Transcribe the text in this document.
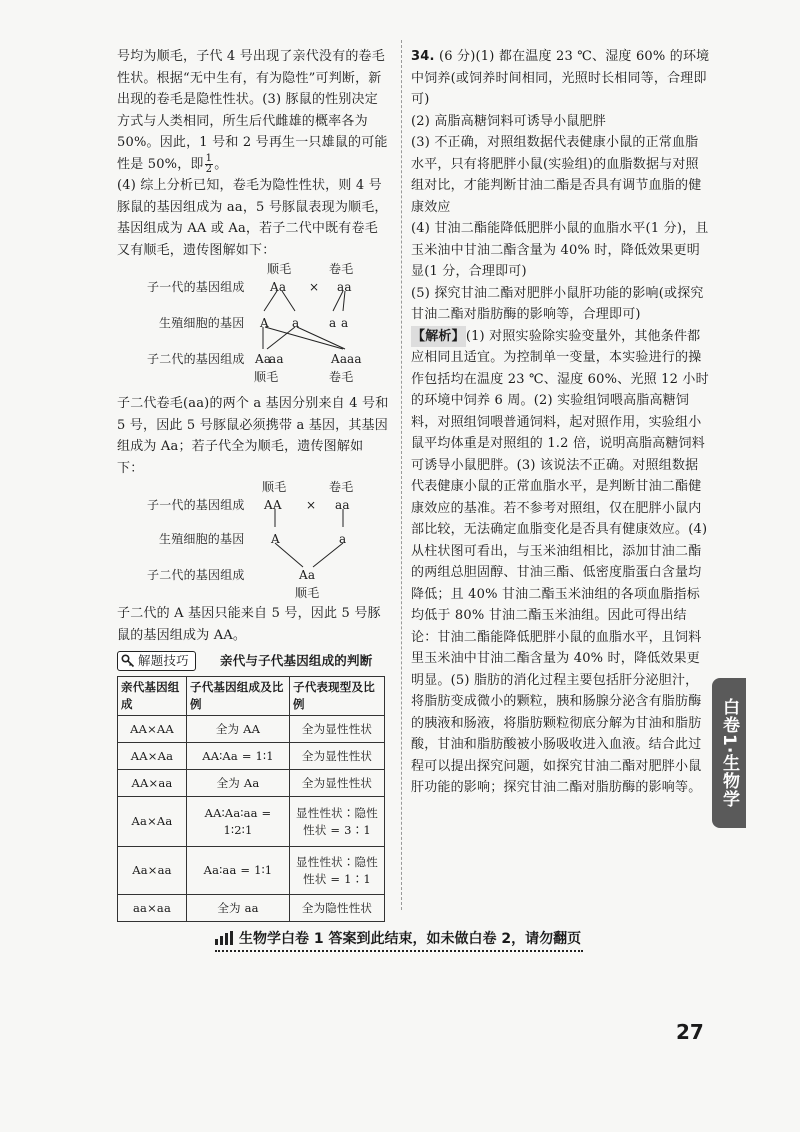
号均为顺毛，子代 4 号出现了亲代没有的卷毛性状。根据“无中生有，有为隐性”可判断，新出现的卷毛是隐性性状。(3) 豚鼠的性别决定方式与人类相同，所生后代雌雄的概率各为 50%。因此，1 号和 2 号再生一只雄鼠的可能性是 50%，即 $\frac{1}{2}$ 。

(4) 综上分析已知，卷毛为隐性性状，则 4 号豚鼠的基因组成为 aa，5 号豚鼠表现为顺毛，基因组成为 AA 或 Aa，若子二代中既有卷毛又有顺毛，遗传图解如下：

顺毛	卷毛
子一代的基因组成 Aa × aa
生殖细胞的基因 A a a a
子二代的基因组成 Aa
aa	Aa aa
顺毛	卷毛

子二代卷毛(aa)的两个 a 基因分别来自 4 号和 5 号，因此 5 号豚鼠必须携带 a 基因，其基因组成为 Aa；若子代全为顺毛，遗传图解如下：

顺毛	卷毛
子一代的基因组成 AA × aa
生殖细胞的基因 A	a
子二代的基因组成	Aa
顺毛

子二代的 A 基因只能来自 5 号，因此 5 号豚鼠的基因组成为 AA。

解题技巧	亲代与子代基因组成的判断
亲代基因组成	子代基因组成及比例	子代表现型及比例
AA×AA	全为 AA	全为显性性状
AA×Aa	AA∶Aa = 1∶1	全为显性性状
AA×aa	全为 Aa	全为显性性状
Aa×Aa	AA∶Aa∶aa = 1∶2∶1	显性性状∶隐性性状 = 3∶1
Aa×aa	Aa∶aa = 1∶1	显性性状∶隐性性状 = 1∶1
aa×aa	全为 aa	全为隐性性状

34. (6 分)(1) 都在温度 23 ℃、湿度 60% 的环境中饲养(或饲养时间相同，光照时长相同等，合理即可)

(2) 高脂高糖饲料可诱导小鼠肥胖

(3) 不正确，对照组数据代表健康小鼠的正常血脂水平，只有将肥胖小鼠(实验组)的血脂数据与对照组对比，才能判断甘油二酯是否具有调节血脂的健康效应

(4) 甘油二酯能降低肥胖小鼠的血脂水平(1 分)，且玉米油中甘油二酯含量为 40% 时，降低效果更明显(1 分，合理即可)

(5) 探究甘油二酯对肥胖小鼠肝功能的影响(或探究甘油二酯对脂肪酶的影响等，合理即可)

【解析】(1) 对照实验除实验变量外，其他条件都应相同且适宜。为控制单一变量，本实验进行的操作包括均在温度 23 ℃、湿度 60%、光照 12 小时的环境中饲养 6 周。(2) 实验组饲喂高脂高糖饲料，对照组饲喂普通饲料，起对照作用，实验组小鼠平均体重是对照组的 1.2 倍，说明高脂高糖饲料可诱导小鼠肥胖。(3) 该说法不正确。对照组数据代表健康小鼠的正常血脂水平，是判断甘油二酯健康效应的基准。若不参考对照组，仅在肥胖小鼠内部比较，无法确定血脂变化是否具有健康效应。(4) 从柱状图可看出，与玉米油组相比，添加甘油二酯的两组总胆固醇、甘油三酯、低密度脂蛋白含量均降低；且 40% 甘油二酯玉米油组的各项血脂指标均低于 80% 甘油二酯玉米油组。因此可得出结论：甘油二酯能降低肥胖小鼠的血脂水平，且饲料里玉米油中甘油二酯含量为 40% 时，降低效果更明显。(5) 脂肪的消化过程主要包括肝分泌胆汁，将脂肪变成微小的颗粒，胰和肠腺分泌含有脂肪酶的胰液和肠液，将脂肪颗粒彻底分解为甘油和脂肪酸，甘油和脂肪酸被小肠吸收进入血液。结合此过程可以提出探究问题，如探究甘油二酯对肥胖小鼠肝功能的影响；探究甘油二酯对脂肪酶的影响等。	白卷1·生物学
生物学白卷 1 答案到此结束，如未做白卷 2，请勿翻页
27
